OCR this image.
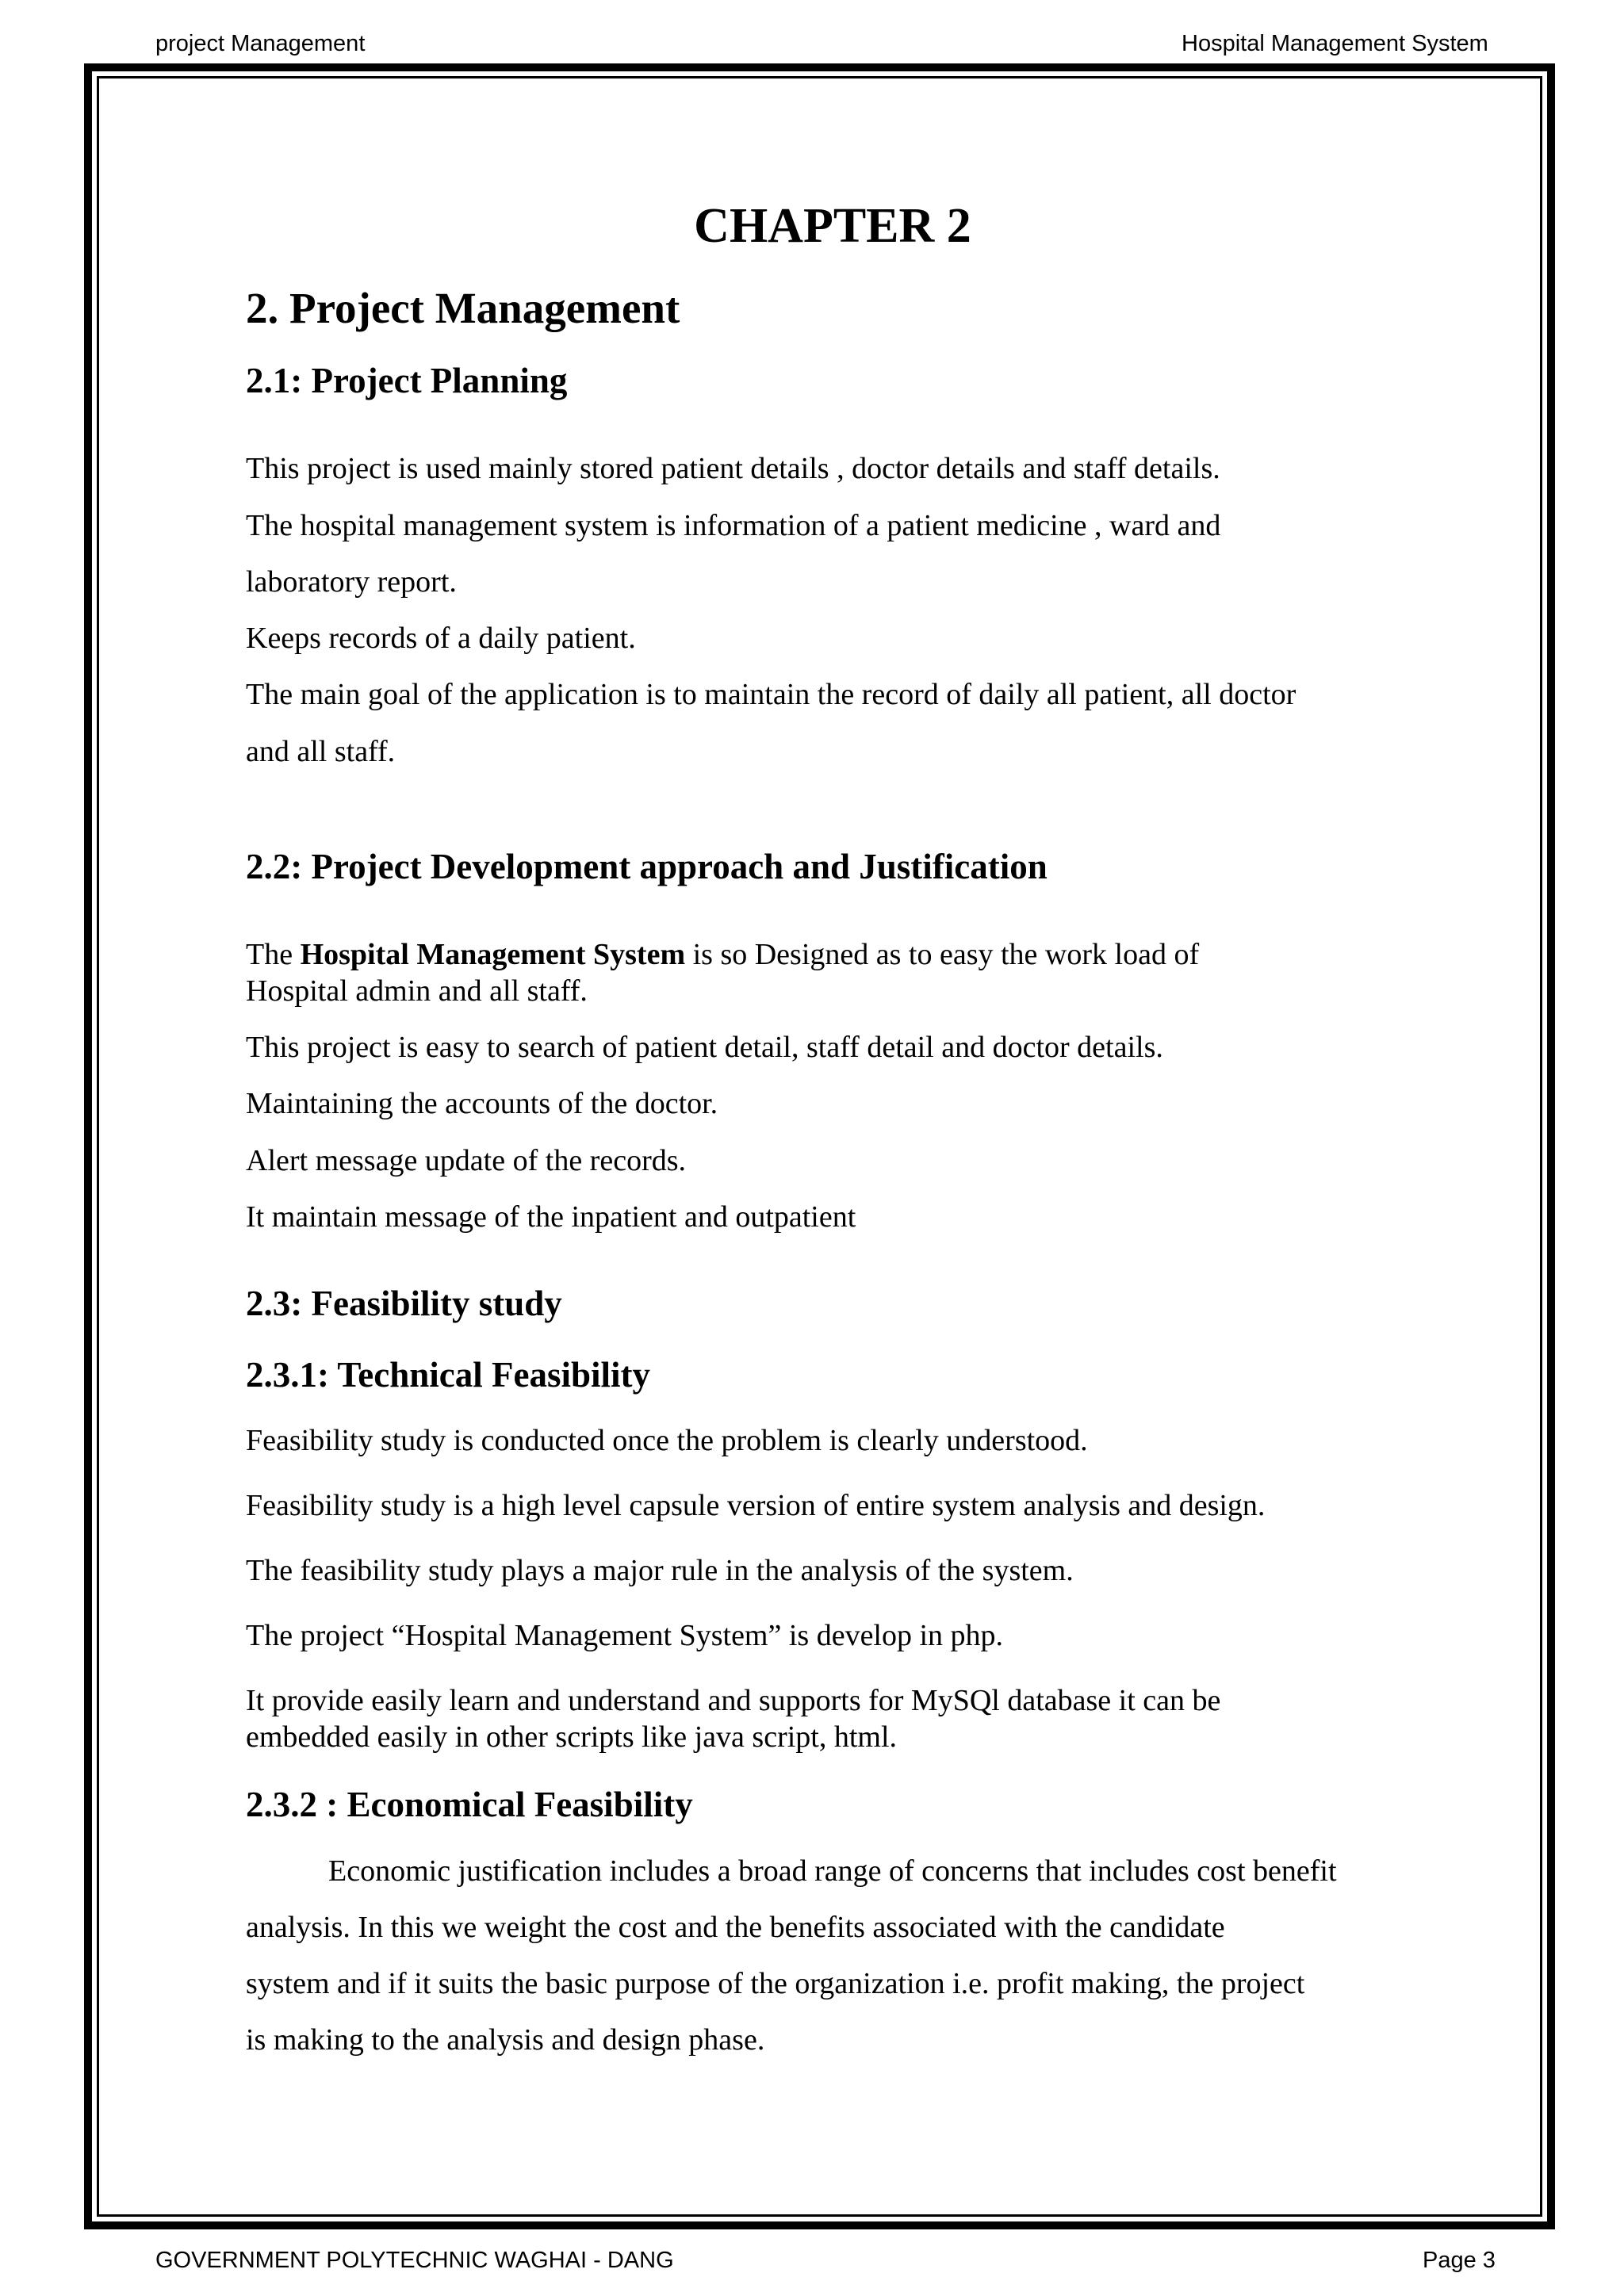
project Management	Hospital Management System
CHAPTER 2
2. Project Management
2.1: Project Planning
This project is used mainly stored patient details , doctor details and staff details.
The hospital management system is information of a patient medicine , ward and
laboratory report.
Keeps records of a daily patient.
The main goal of the application is to maintain the record of daily all patient, all doctor
and all staff.
2.2: Project Development approach and Justification
The Hospital Management System is so Designed as to easy the work load of
Hospital admin and all staff.
This project is easy to search of patient detail, staff detail and doctor details.
Maintaining the accounts of the doctor.
Alert message update of the records.
It maintain message of the inpatient and outpatient
2.3: Feasibility study
2.3.1: Technical Feasibility
Feasibility study is conducted once the problem is clearly understood.
Feasibility study is a high level capsule version of entire system analysis and design.
The feasibility study plays a major rule in the analysis of the system.
The project “Hospital Management System” is develop in php.
It provide easily learn and understand and supports for MySQl database it can be
embedded easily in other scripts like java script, html.
2.3.2 : Economical Feasibility
Economic justification includes a broad range of concerns that includes cost benefit
analysis. In this we weight the cost and the benefits associated with the candidate
system and if it suits the basic purpose of the organization i.e. profit making, the project
is making to the analysis and design phase.
GOVERNMENT POLYTECHNIC WAGHAI - DANG	Page 3
